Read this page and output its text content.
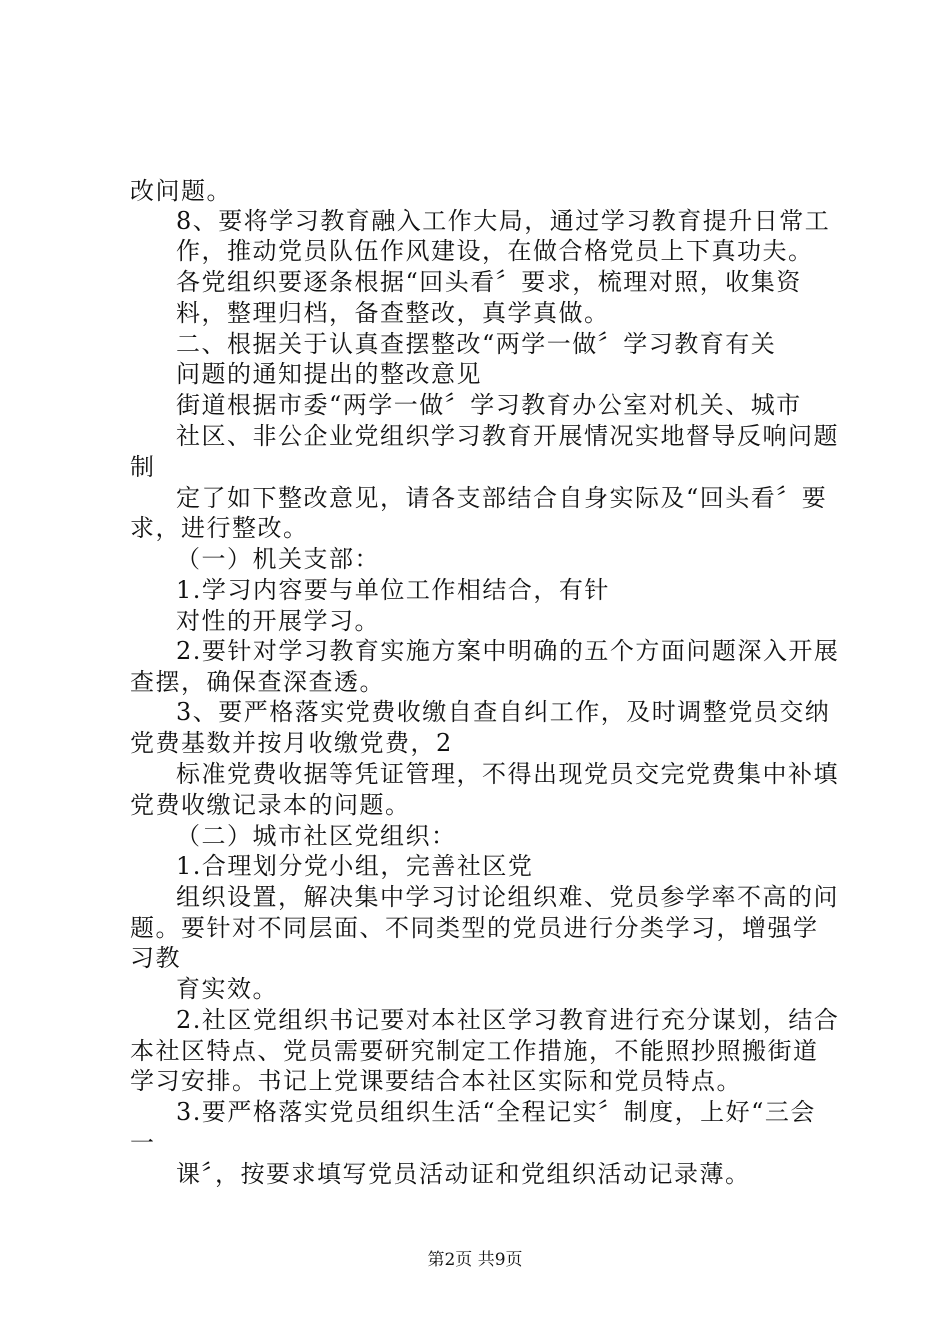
改问题。
8、要将学习教育融入工作大局，通过学习教育提升日常工
作，推动党员队伍作风建设，在做合格党员上下真功夫。
各党组织要逐条根据“回头看〞要求，梳理对照，收集资
料，整理归档，备查整改，真学真做。
二、根据关于认真查摆整改“两学一做〞学习教育有关
问题的通知提出的整改意见
街道根据市委“两学一做〞学习教育办公室对机关、城市
社区、非公企业党组织学习教育开展情况实地督导反响问题
制
定了如下整改意见，请各支部结合自身实际及“回头看〞要
求，进行整改。
（一）机关支部：
1.学习内容要与单位工作相结合，有针
对性的开展学习。
2.要针对学习教育实施方案中明确的五个方面问题深入开展
查摆，确保查深查透。
3、要严格落实党费收缴自查自纠工作，及时调整党员交纳
党费基数并按月收缴党费，2
标准党费收据等凭证管理，不得出现党员交完党费集中补填
党费收缴记录本的问题。
（二）城市社区党组织：
1.合理划分党小组，完善社区党
组织设置，解决集中学习讨论组织难、党员参学率不高的问
题。要针对不同层面、不同类型的党员进行分类学习，增强学
习教
育实效。
2.社区党组织书记要对本社区学习教育进行充分谋划，结合
本社区特点、党员需要研究制定工作措施，不能照抄照搬街道
学习安排。书记上党课要结合本社区实际和党员特点。
3.要严格落实党员组织生活“全程记实〞制度，上好“三会
一
课〞，按要求填写党员活动证和党组织活动记录薄。
第2页 共9页
